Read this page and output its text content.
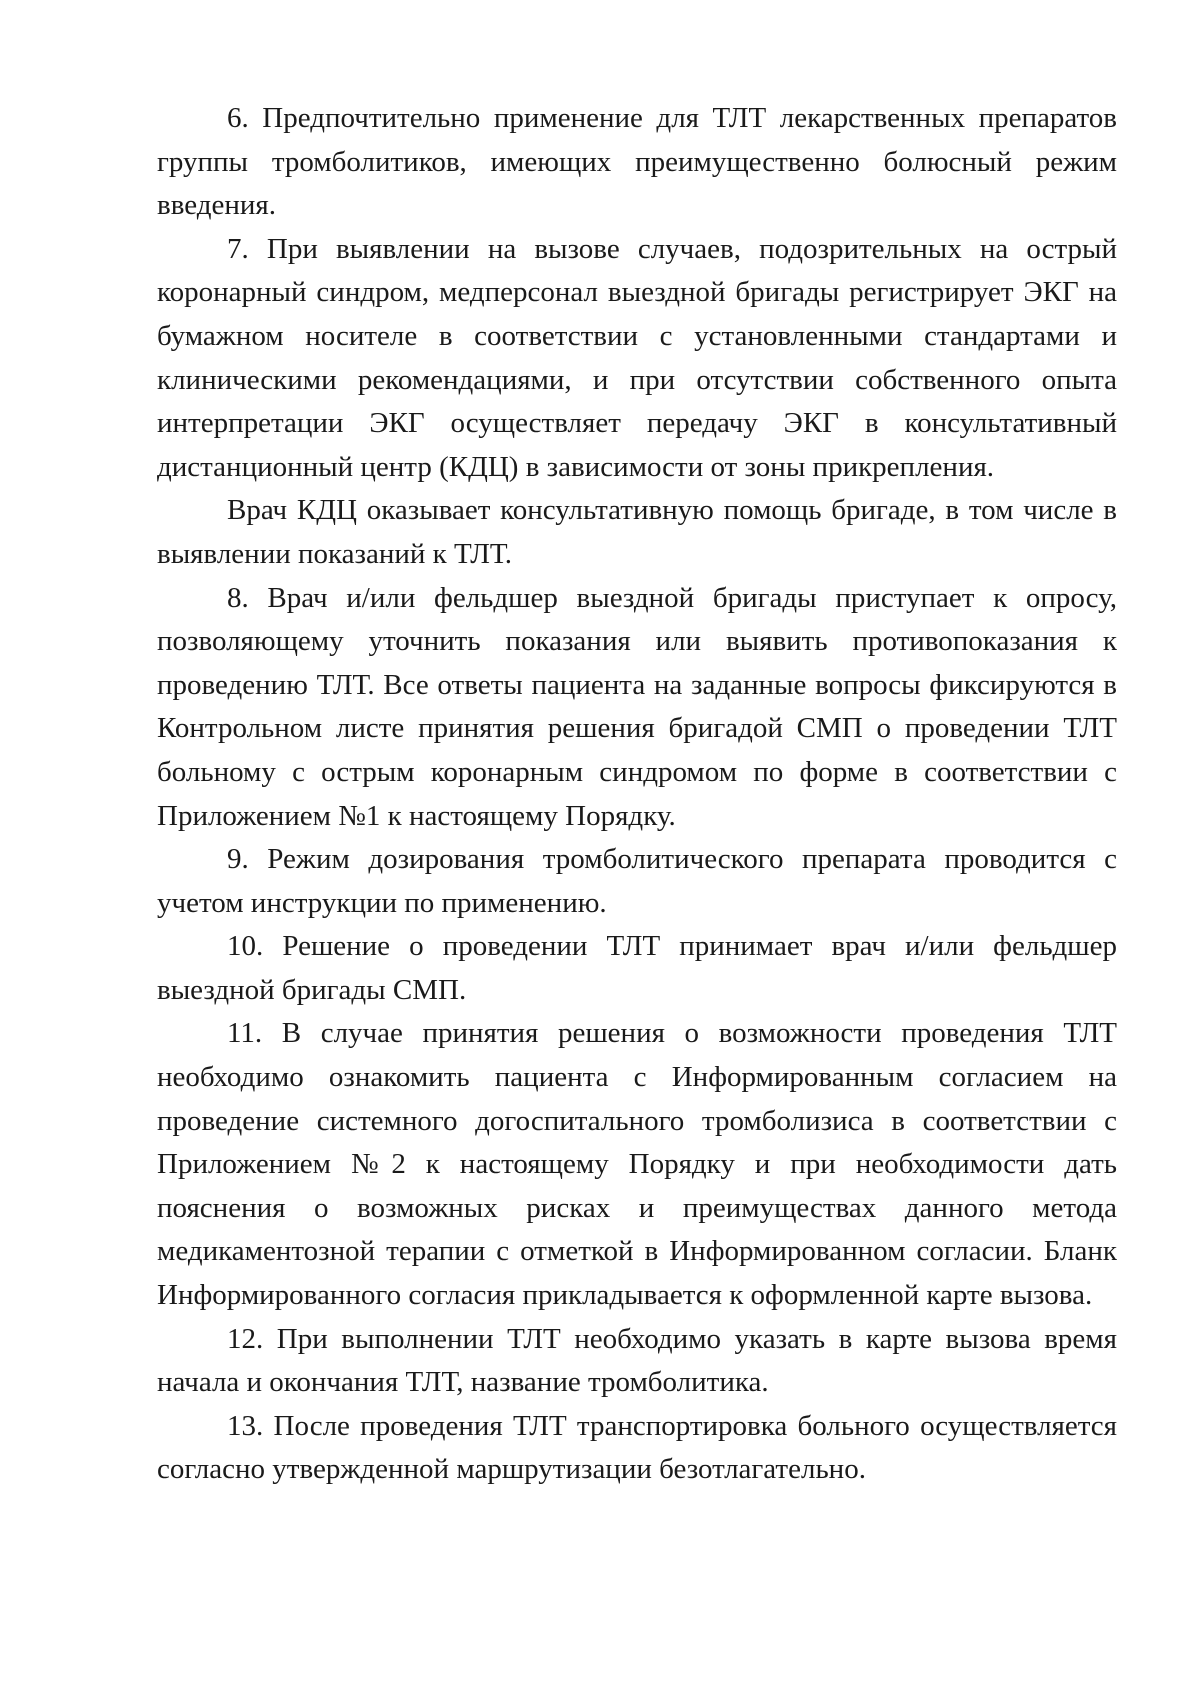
6. Предпочтительно применение для ТЛТ лекарственных препаратов группы тромболитиков, имеющих преимущественно болюсный режим введения.

7. При выявлении на вызове случаев, подозрительных на острый коронарный синдром, медперсонал выездной бригады регистрирует ЭКГ на бумажном носителе в соответствии с установленными стандартами и клиническими рекомендациями, и при отсутствии собственного опыта интерпретации ЭКГ осуществляет передачу ЭКГ в консультативный дистанционный центр (КДЦ) в зависимости от зоны прикрепления.

Врач КДЦ оказывает консультативную помощь бригаде, в том числе в выявлении показаний к ТЛТ.

8. Врач и/или фельдшер выездной бригады приступает к опросу, позволяющему уточнить показания или выявить противопоказания к проведению ТЛТ. Все ответы пациента на заданные вопросы фиксируются в Контрольном листе принятия решения бригадой СМП о проведении ТЛТ больному с острым коронарным синдромом по форме в соответствии с Приложением №1 к настоящему Порядку.

9. Режим дозирования тромболитического препарата проводится с учетом инструкции по применению.

10. Решение о проведении ТЛТ принимает врач и/или фельдшер выездной бригады СМП.

11. В случае принятия решения о возможности проведения ТЛТ необходимо ознакомить пациента с Информированным согласием на проведение системного догоспитального тромболизиса в соответствии с Приложением №2 к настоящему Порядку и при необходимости дать пояснения о возможных рисках и преимуществах данного метода медикаментозной терапии с отметкой в Информированном согласии. Бланк Информированного согласия прикладывается к оформленной карте вызова.

12. При выполнении ТЛТ необходимо указать в карте вызова время начала и окончания ТЛТ, название тромболитика.

13. После проведения ТЛТ транспортировка больного осуществляется согласно утвержденной маршрутизации безотлагательно.
